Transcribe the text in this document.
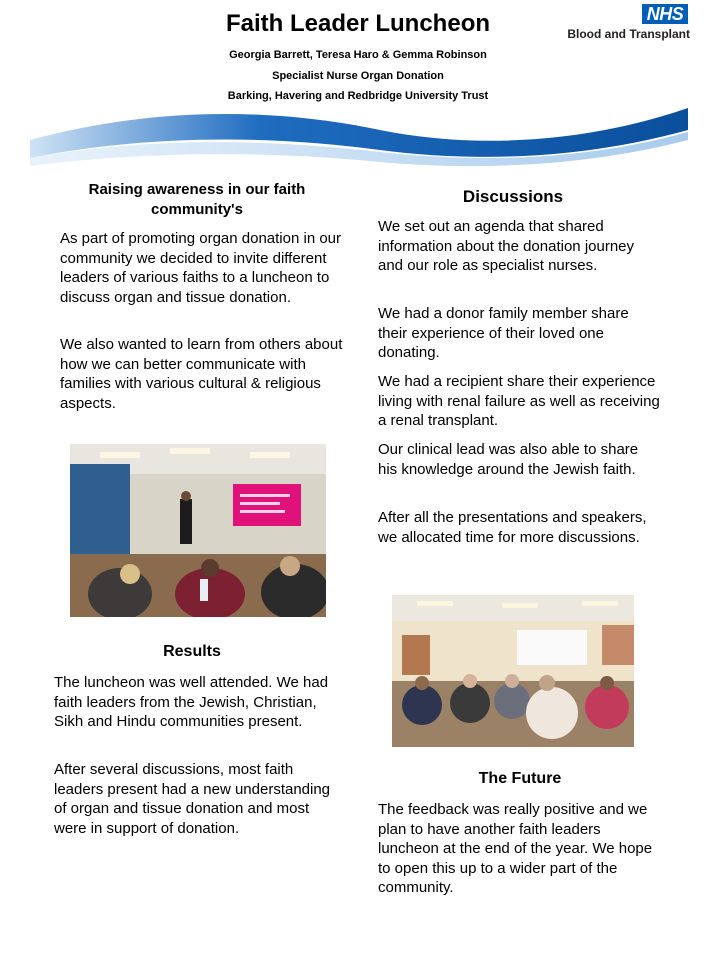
Faith Leader Luncheon
Georgia Barrett, Teresa Haro & Gemma Robinson
Specialist Nurse Organ Donation
Barking, Havering and Redbridge University Trust
NHS
Blood and Transplant
Raising awareness in our faith community's

As part of promoting organ donation in our community we decided to invite different leaders of various faiths to a luncheon to discuss organ and tissue donation.

We also wanted to learn from others about how we can better communicate with families with various cultural & religious aspects.

Results

The luncheon was well attended. We had faith leaders from the Jewish, Christian, Sikh and Hindu communities present.

After several discussions, most faith leaders present had a new understanding of organ and tissue donation and most were in support of donation.

Discussions

We set out an agenda that shared information about the donation journey and our role as specialist nurses.

We had a donor family member share their experience of their loved one donating.

We had a recipient share their experience living with renal failure as well as receiving a renal transplant.

Our clinical lead was also able to share his knowledge around the Jewish faith.

After all the presentations and speakers, we allocated time for more discussions.

The Future

The feedback was really positive and we plan to have another faith leaders luncheon at the end of the year. We hope to open this up to a wider part of the community.
